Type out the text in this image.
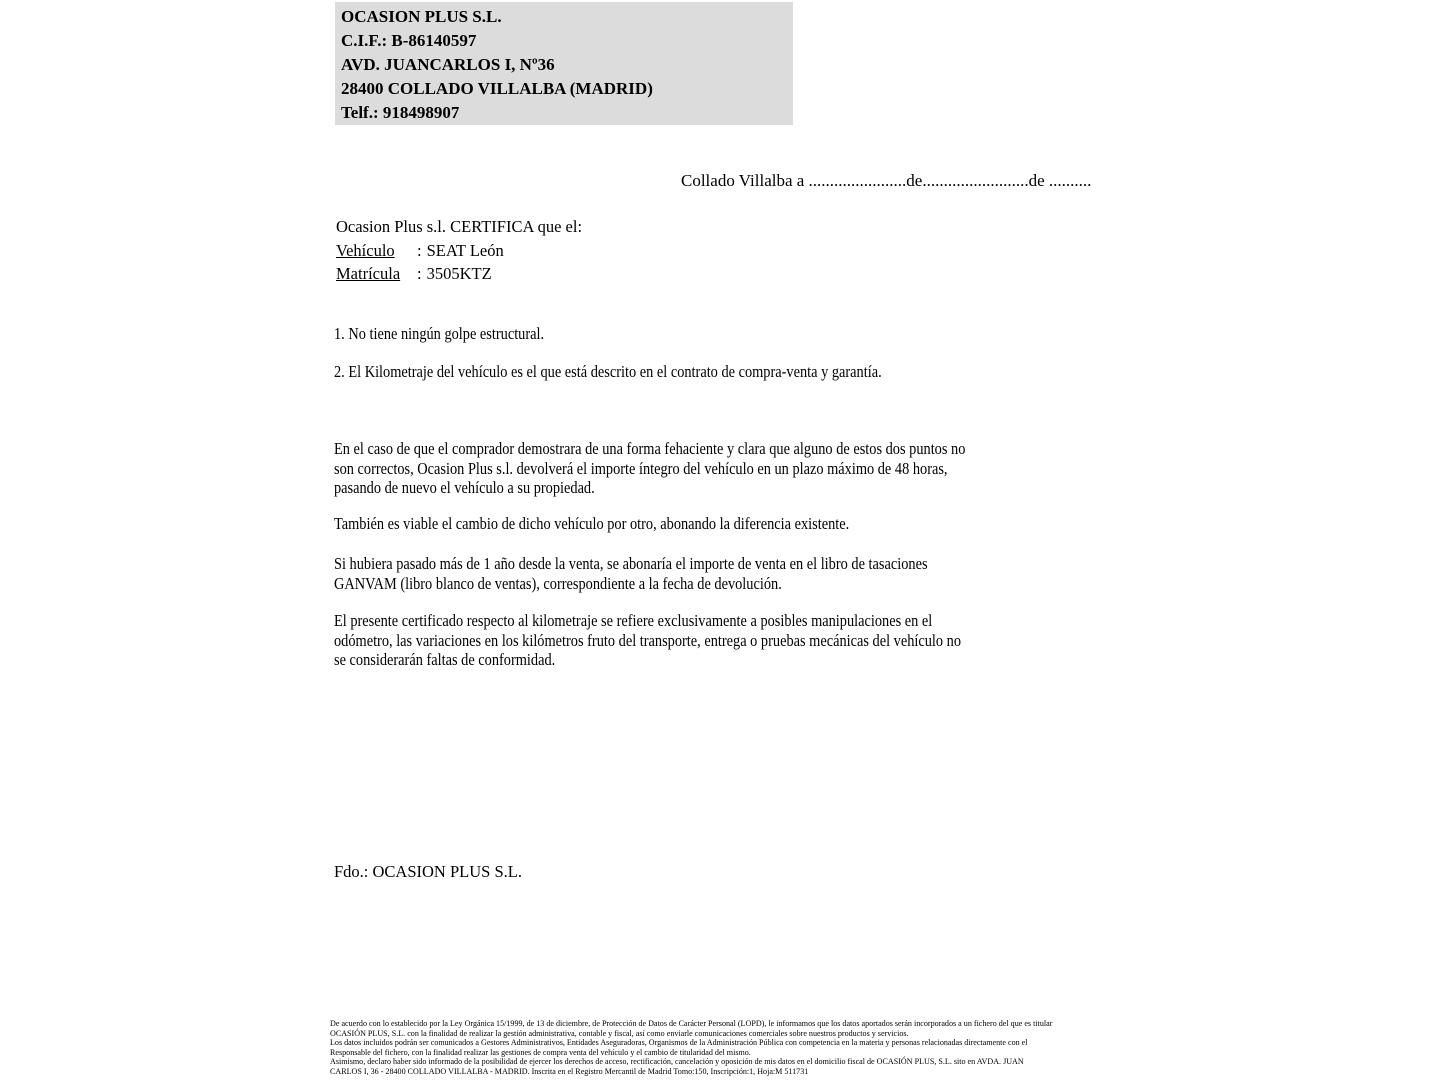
OCASION PLUS S.L.
C.I.F.: B-86140597
AVD. JUANCARLOS I, Nº36
28400 COLLADO VILLALBA (MADRID)
Telf.: 918498907
Collado Villalba a .......................de.........................de ..........
Ocasion Plus s.l. CERTIFICA que el:
Vehículo : SEAT León
Matrícula : 3505KTZ
1. No tiene ningún golpe estructural.
2. El Kilometraje del vehículo es el que está descrito en el contrato de compra-venta y garantía.
En el caso de que el comprador demostrara de una forma fehaciente y clara que alguno de estos dos puntos no
son correctos, Ocasion Plus s.l. devolverá el importe íntegro del vehículo en un plazo máximo de 48 horas,
pasando de nuevo el vehículo a su propiedad.
También es viable el cambio de dicho vehículo por otro, abonando la diferencia existente.
Si hubiera pasado más de 1 año desde la venta, se abonaría el importe de venta en el libro de tasaciones
GANVAM (libro blanco de ventas), correspondiente a la fecha de devolución.
El presente certificado respecto al kilometraje se refiere exclusivamente a posibles manipulaciones en el
odómetro, las variaciones en los kilómetros fruto del transporte, entrega o pruebas mecánicas del vehículo no
se considerarán faltas de conformidad.
Fdo.: OCASION PLUS S.L.
De acuerdo con lo establecido por la Ley Orgánica 15/1999, de 13 de diciembre, de Protección de Datos de Carácter Personal (LOPD), le informamos que los datos aportados serán incorporados a un fichero del que es titular
OCASIÓN PLUS, S.L. con la finalidad de realizar la gestión administrativa, contable y fiscal, así como enviarle comunicaciones comerciales sobre nuestros productos y servicios.
Los datos incluidos podrán ser comunicados a Gestores Administrativos, Entidades Aseguradoras, Organismos de la Administración Pública con competencia en la materia y personas relacionadas directamente con el
Responsable del fichero, con la finalidad realizar las gestiones de compra venta del vehículo y el cambio de titularidad del mismo.
Asimismo, declaro haber sido informado de la posibilidad de ejercer los derechos de acceso, rectificación, cancelación y oposición de mis datos en el domicilio fiscal de OCASIÓN PLUS, S.L. sito en AVDA. JUAN
CARLOS I, 36 - 28400 COLLADO VILLALBA - MADRID. Inscrita en el Registro Mercantil de Madrid Tomo:150, Inscripción:1, Hoja:M 511731
